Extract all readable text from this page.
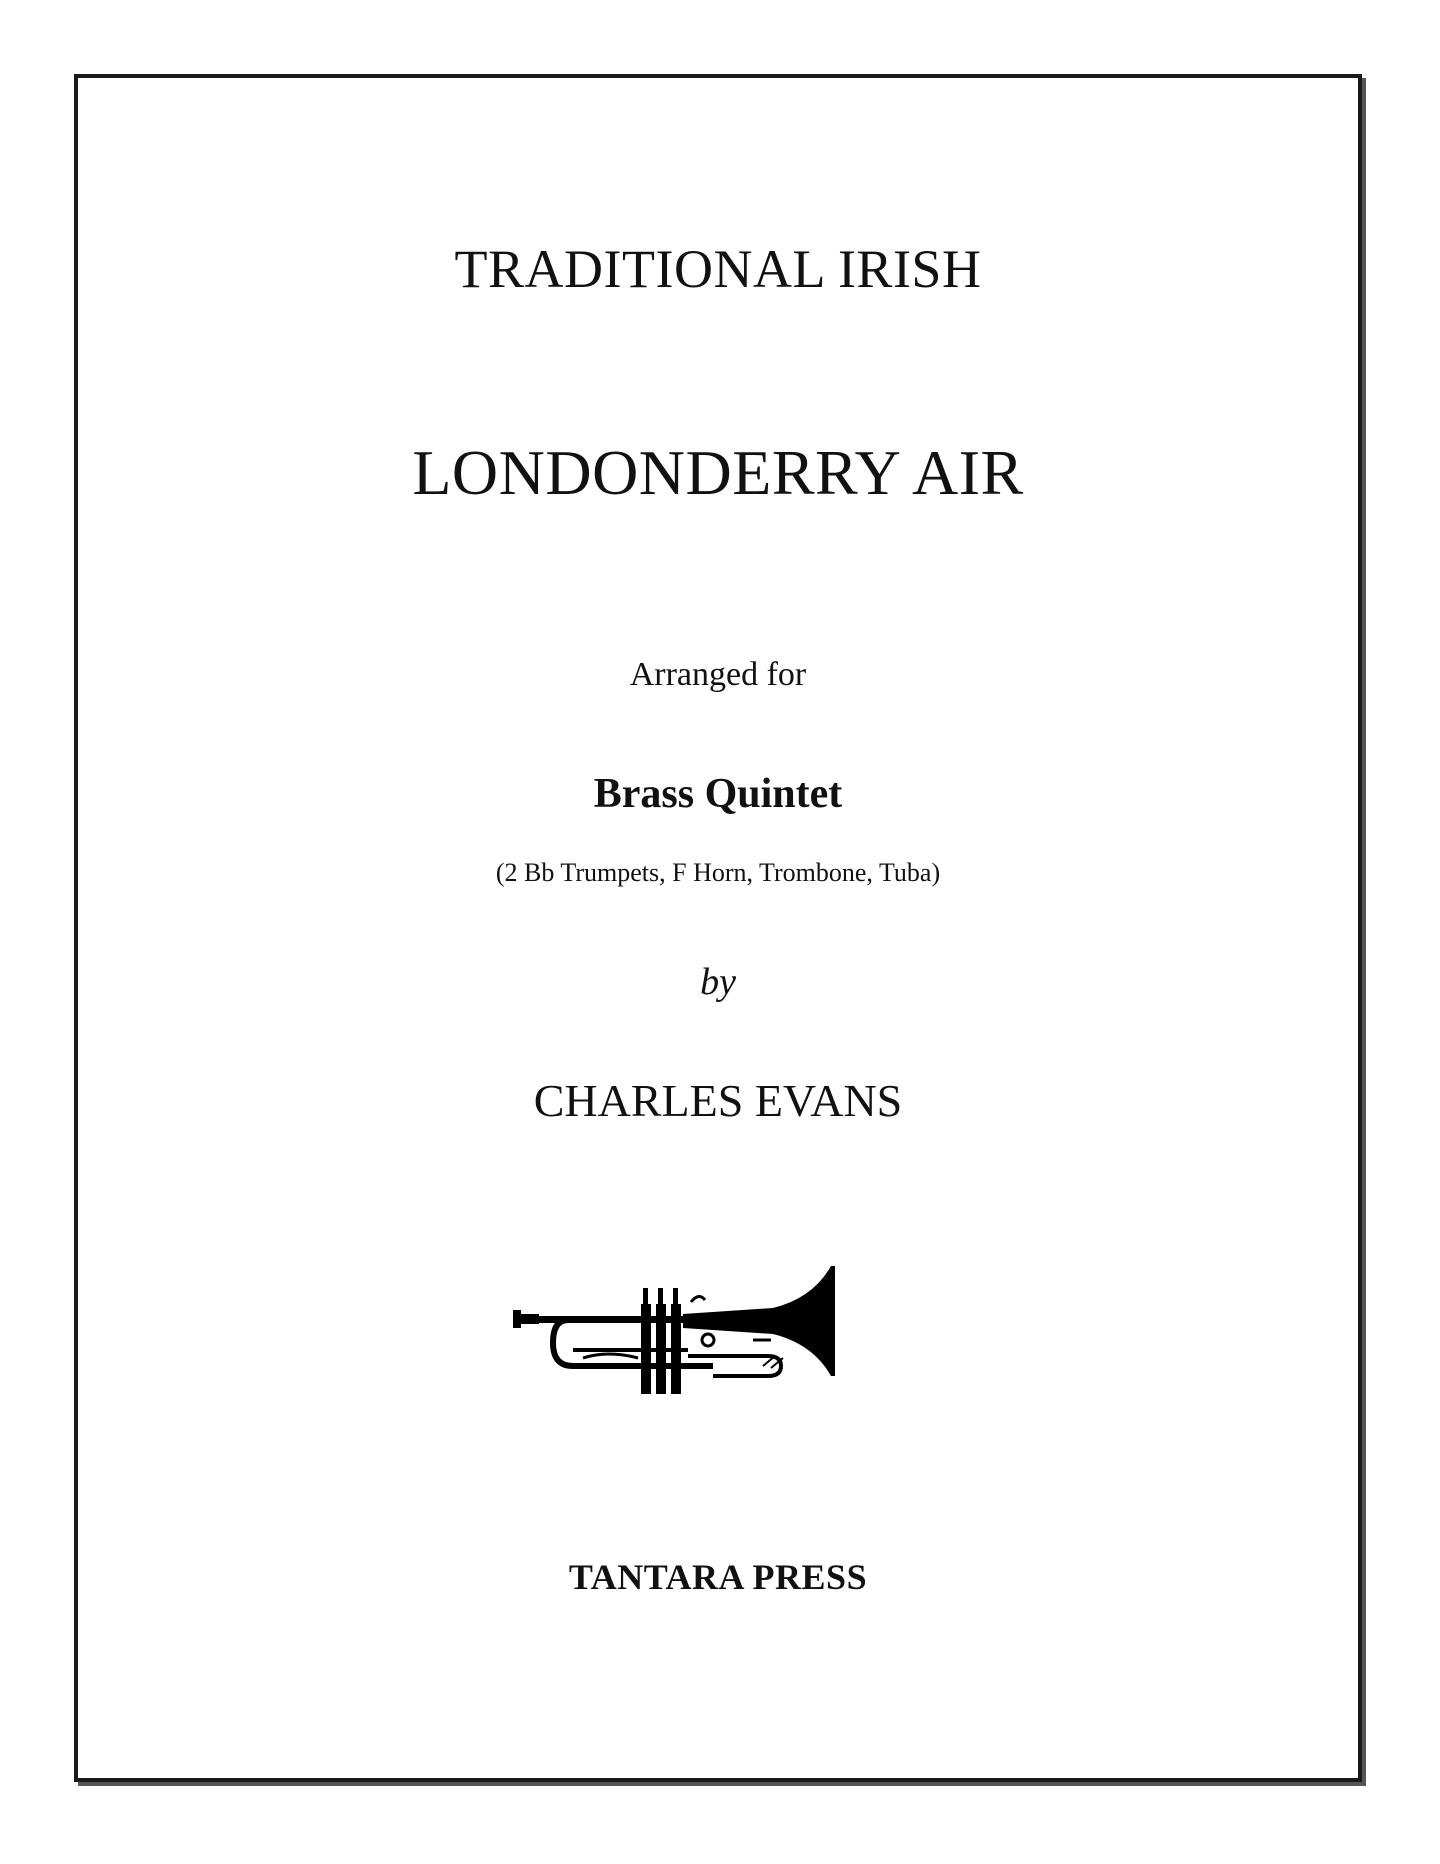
TRADITIONAL IRISH
LONDONDERRY AIR
Arranged for
Brass Quintet
(2 Bb Trumpets, F Horn, Trombone, Tuba)
by
CHARLES EVANS
TANTARA PRESS
